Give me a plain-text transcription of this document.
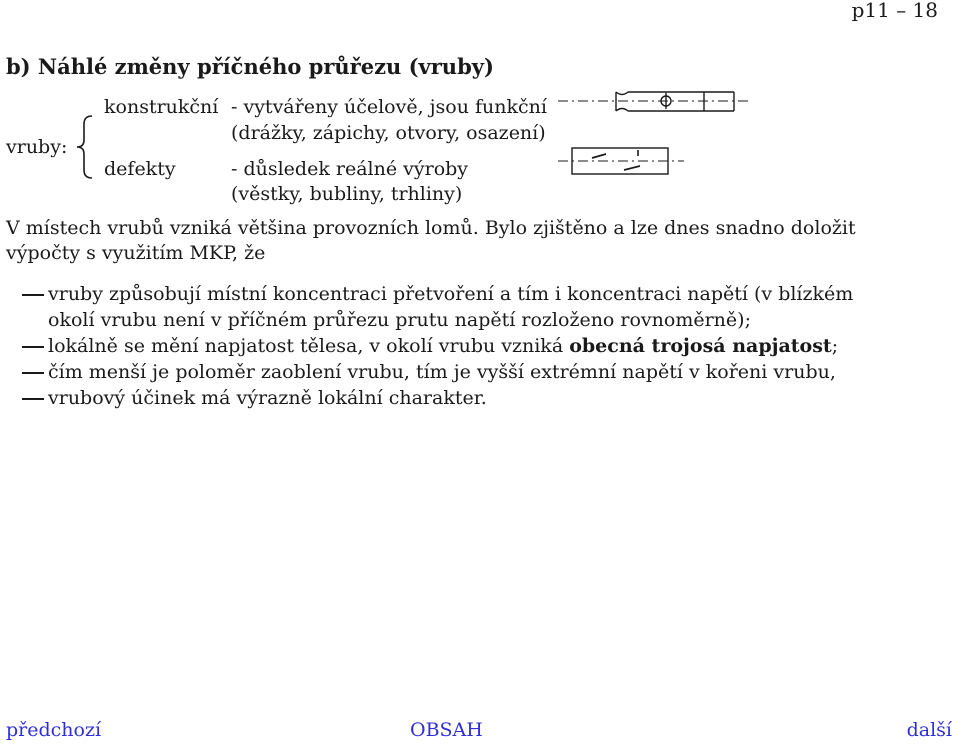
p11 – 18
b) Náhlé změny příčného průřezu (vruby)
vruby:
konstrukční - vytvářeny účelově, jsou funkční
(drážky, zápichy, otvory, osazení)
defekty	- důsledek reálné výroby
(věstky, bubliny, trhliny)
V místech vrubů vzniká většina provozních lomů. Bylo zjištěno a lze dnes snadno doložit
výpočty s využitím MKP, že
vruby způsobují místní koncentraci přetvoření a tím i koncentraci napětí (v blízkém
okolí vrubu není v příčném průřezu prutu napětí rozloženo rovnoměrně);
lokálně se mění napjatost tělesa, v okolí vrubu vzniká obecná trojosá napjatost;
čím menší je poloměr zaoblení vrubu, tím je vyšší extrémní napětí v kořeni vrubu,
vrubový účinek má výrazně lokální charakter.
předchozí	OBSAH	další
